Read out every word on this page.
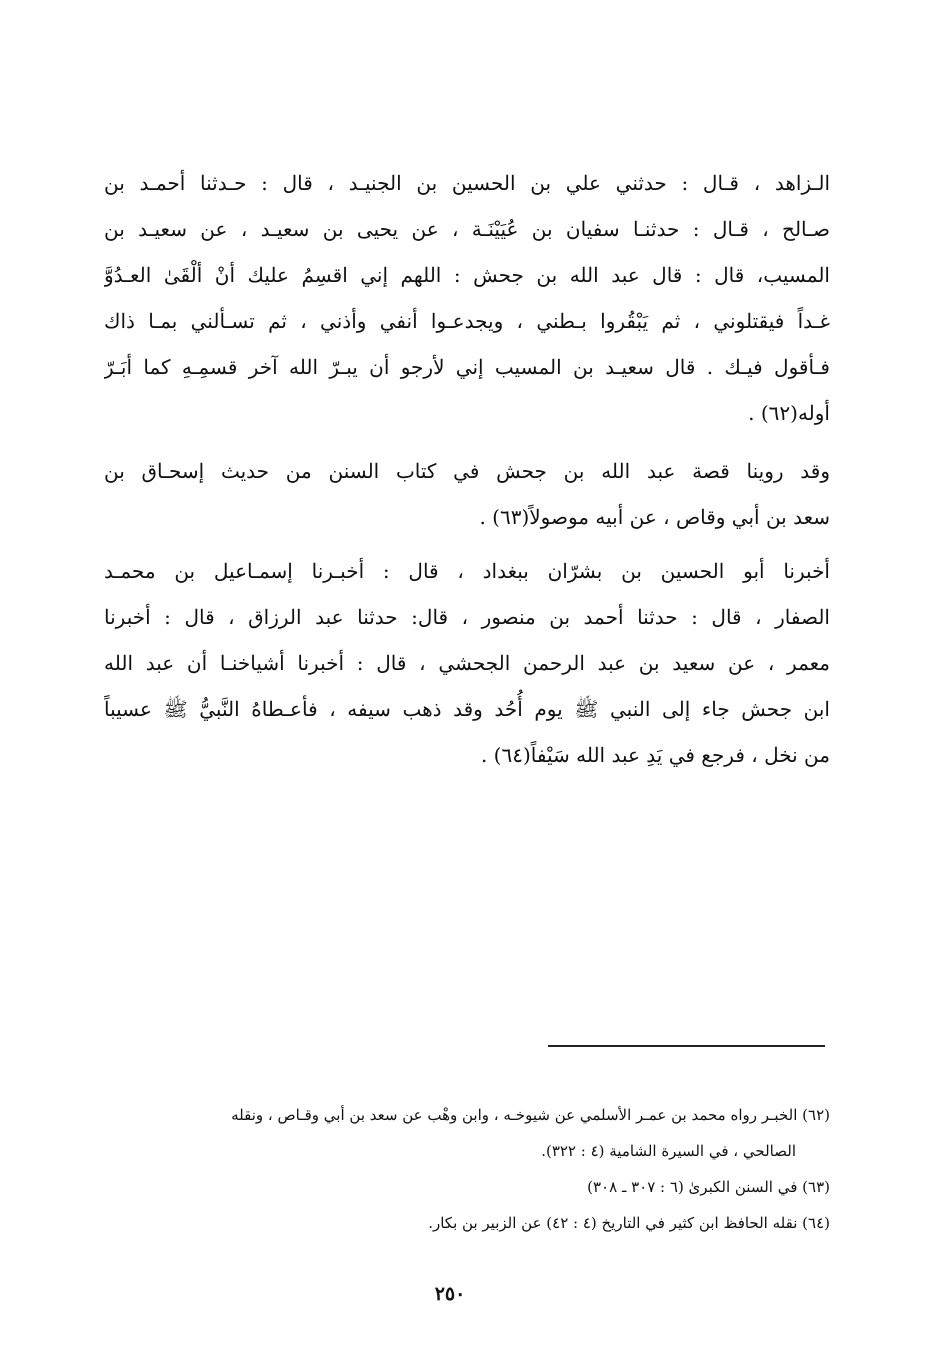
الـزاهد ، قـال : حدثني علي بن الحسين بن الجنيـد ، قال : حـدثنا أحمـد بن
صـالح ، قـال : حدثنـا سفيان بن عُيَيْنَـة ، عن يحيى بن سعيـد ، عن سعيـد بن
المسيب، قال : قال عبد الله بن جحش : اللهم إني اقسِمُ عليك أنْ ألْقَىٰ العـدُوَّ
غـداً فيقتلوني ، ثم يَبْقُروا بـطني ، ويجدعـوا أنفي وأذني ، ثم تسـألني بمـا ذاك
فـأقول فيـك . قال سعيـد بن المسيب إني لأرجو أن يبـرّ الله آخر قسمِـهِ كما أبَـرّ
أوله(٦٢) .
وقد روينا قصة عبد الله بن جحش في كتاب السنن من حديث إسحـاق بن
سعد بن أبي وقاص ، عن أبيه موصولاً(٦٣) .
أخبرنا أبو الحسين بن بشرّان ببغداد ، قال : أخبـرنا إسمـاعيل بن محمـد
الصفار ، قال : حدثنا أحمد بن منصور ، قال: حدثنا عبد الرزاق ، قال : أخبرنا
معمر ، عن سعيد بن عبد الرحمن الجحشي ، قال : أخبرنا أشياخنـا أن عبد الله
ابن جحش جاء إلى النبي ﷺ يوم أُحُد وقد ذهب سيفه ، فأعـطاهُ النَّبيُّ ﷺ عسيباً
من نخل ، فرجع في يَدِ عبد الله سَيْفاً(٦٤) .
(٦٢) الخبـر رواه محمد بن عمـر الأسلمي عن شيوخـه ، وابن وهْب عن سعد بن أبي وقـاص ، ونقله
الصالحي ، في السيرة الشامية (٤ : ٣٢٢).
(٦٣) في السنن الكبرىٰ (٦ : ٣٠٧ ـ ٣٠٨)
(٦٤) نقله الحافظ ابن كثير في التاريخ (٤ : ٤٢) عن الزبير بن بكار.
٢٥٠
